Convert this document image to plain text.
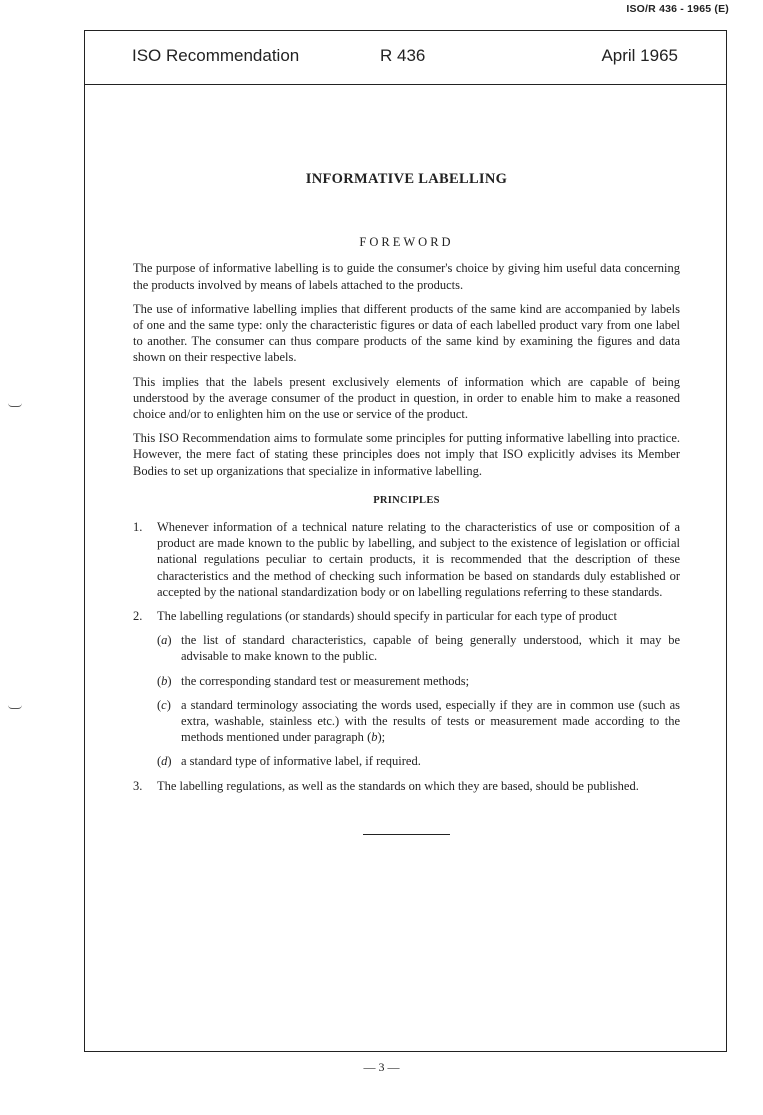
ISO/R 436 - 1965 (E)
ISO Recommendation	R 436	April 1965
INFORMATIVE LABELLING
FOREWORD

The purpose of informative labelling is to guide the consumer's choice by giving him useful data concerning the products involved by means of labels attached to the products.

The use of informative labelling implies that different products of the same kind are accompanied by labels of one and the same type: only the characteristic figures or data of each labelled product vary from one label to another. The consumer can thus compare products of the same kind by examining the figures and data shown on their respective labels.

This implies that the labels present exclusively elements of information which are capable of being understood by the average consumer of the product in question, in order to enable him to make a reasoned choice and/or to enlighten him on the use or service of the product.

This ISO Recommendation aims to formulate some principles for putting informative labelling into practice. However, the mere fact of stating these principles does not imply that ISO explicitly advises its Member Bodies to set up organizations that specialize in informative labelling.

PRINCIPLES
1. Whenever information of a technical nature relating to the characteristics of use or composition of a product are made known to the public by labelling, and subject to the existence of legislation or official national regulations peculiar to certain products, it is recommended that the description of these characteristics and the method of checking such information be based on standards duly established or accepted by the national standardization body or on labelling regulations referring to these standards.
2. The labelling regulations (or standards) should specify in particular for each type of product
(a) the list of standard characteristics, capable of being generally understood, which it may be advisable to make known to the public.
(b) the corresponding standard test or measurement methods;
(c) a standard terminology associating the words used, especially if they are in common use (such as extra, washable, stainless etc.) with the results of tests or measurement made according to the methods mentioned under paragraph (b);
(d) a standard type of informative label, if required.
3. The labelling regulations, as well as the standards on which they are based, should be published.
— 3 —
